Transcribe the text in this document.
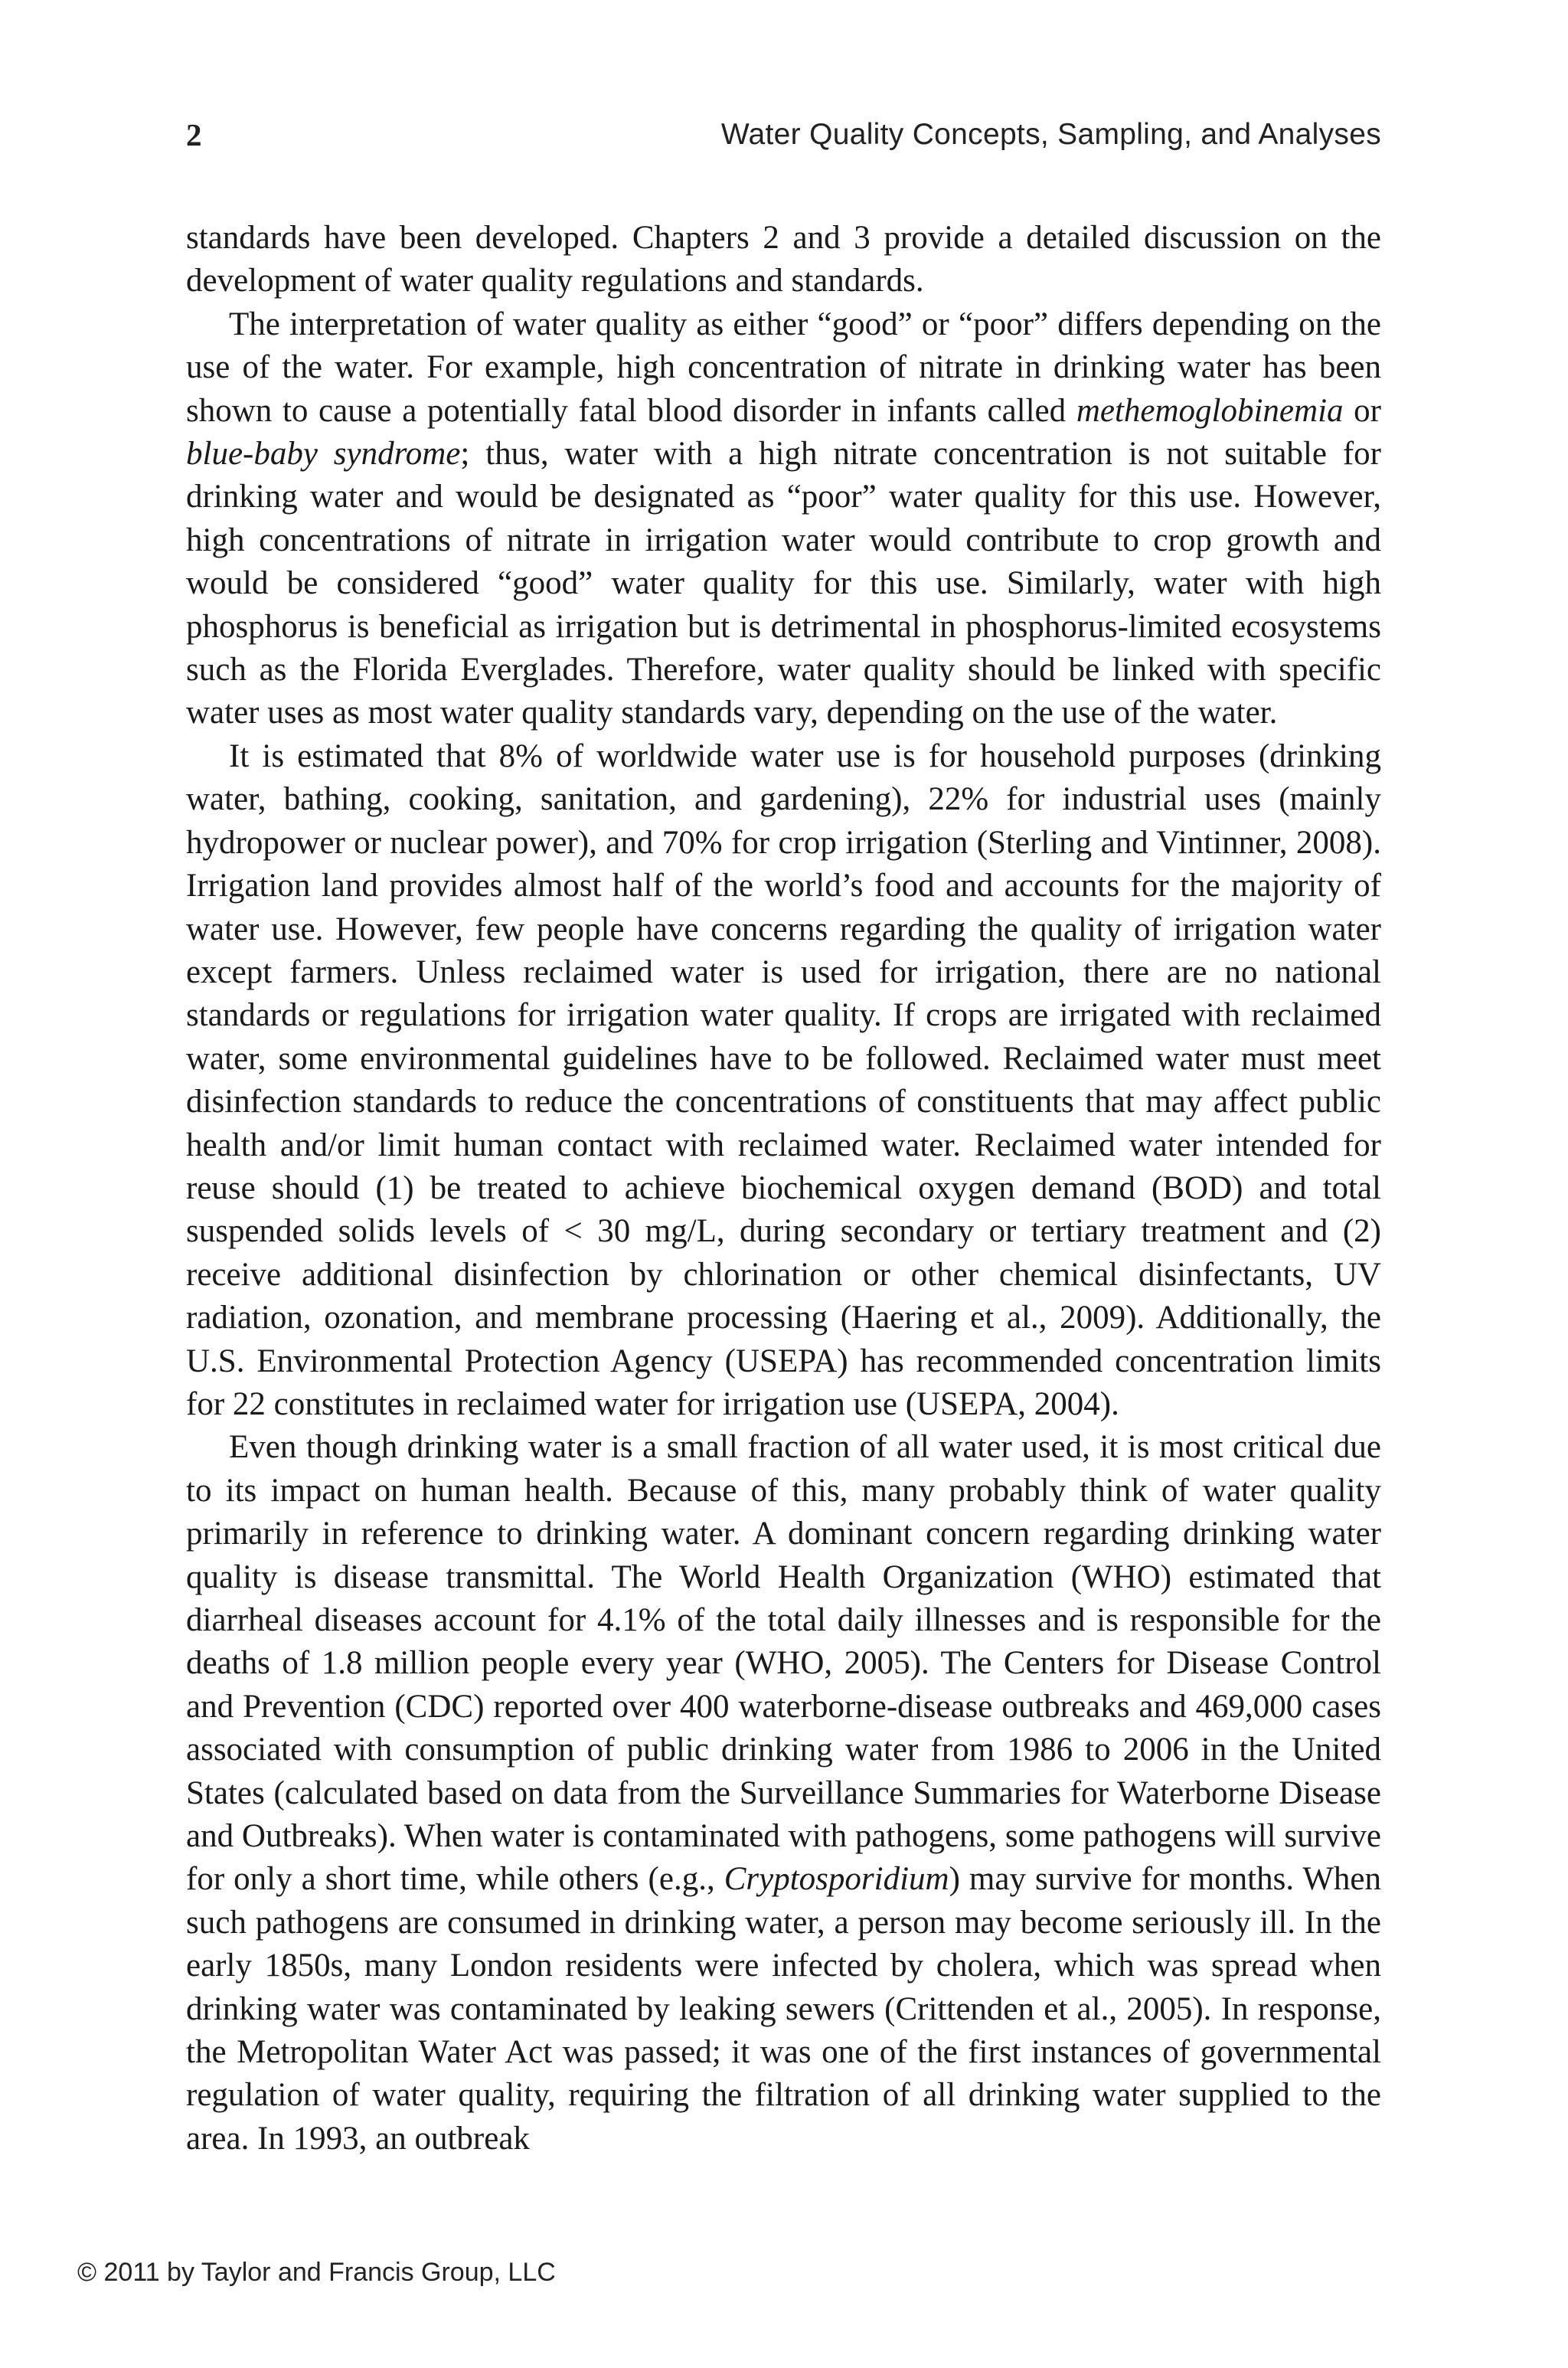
2	Water Quality Concepts, Sampling, and Analyses

standards have been developed. Chapters 2 and 3 provide a detailed discussion on the development of water quality regulations and standards.

The interpretation of water quality as either “good” or “poor” differs depending on the use of the water. For example, high concentration of nitrate in drinking water has been shown to cause a potentially fatal blood disorder in infants called methemoglobinemia or blue-baby syndrome; thus, water with a high nitrate concentration is not suitable for drinking water and would be designated as “poor” water quality for this use. However, high concentrations of nitrate in irrigation water would contribute to crop growth and would be considered “good” water quality for this use. Similarly, water with high phosphorus is beneficial as irrigation but is detrimental in phosphorus-limited ecosystems such as the Florida Everglades. Therefore, water quality should be linked with specific water uses as most water quality standards vary, depending on the use of the water.

It is estimated that 8% of worldwide water use is for household purposes (drinking water, bathing, cooking, sanitation, and gardening), 22% for industrial uses (mainly hydropower or nuclear power), and 70% for crop irrigation (Sterling and Vintinner, 2008). Irrigation land provides almost half of the world’s food and accounts for the majority of water use. However, few people have concerns regarding the quality of irrigation water except farmers. Unless reclaimed water is used for irrigation, there are no national standards or regulations for irrigation water quality. If crops are irrigated with reclaimed water, some environmental guidelines have to be followed. Reclaimed water must meet disinfection standards to reduce the concentrations of constituents that may affect public health and/or limit human contact with reclaimed water. Reclaimed water intended for reuse should (1) be treated to achieve biochemical oxygen demand (BOD) and total suspended solids levels of < 30 mg/L, during secondary or tertiary treatment and (2) receive additional disinfection by chlorination or other chemical disinfectants, UV radiation, ozonation, and membrane processing (Haering et al., 2009). Additionally, the U.S. Environmental Protection Agency (USEPA) has recommended concentration limits for 22 constitutes in reclaimed water for irrigation use (USEPA, 2004).

Even though drinking water is a small fraction of all water used, it is most critical due to its impact on human health. Because of this, many probably think of water quality primarily in reference to drinking water. A dominant concern regarding drinking water quality is disease transmittal. The World Health Organization (WHO) estimated that diarrheal diseases account for 4.1% of the total daily illnesses and is responsible for the deaths of 1.8 million people every year (WHO, 2005). The Centers for Disease Control and Prevention (CDC) reported over 400 waterborne-disease outbreaks and 469,000 cases associated with consumption of public drinking water from 1986 to 2006 in the United States (calculated based on data from the Surveillance Summaries for Waterborne Disease and Outbreaks). When water is contaminated with pathogens, some pathogens will survive for only a short time, while others (e.g., Cryptosporidium) may survive for months. When such pathogens are consumed in drinking water, a person may become seriously ill. In the early 1850s, many London residents were infected by cholera, which was spread when drinking water was contaminated by leaking sewers (Crittenden et al., 2005). In response, the Metropolitan Water Act was passed; it was one of the first instances of governmental regulation of water quality, requiring the filtration of all drinking water supplied to the area. In 1993, an outbreak

© 2011 by Taylor and Francis Group, LLC
